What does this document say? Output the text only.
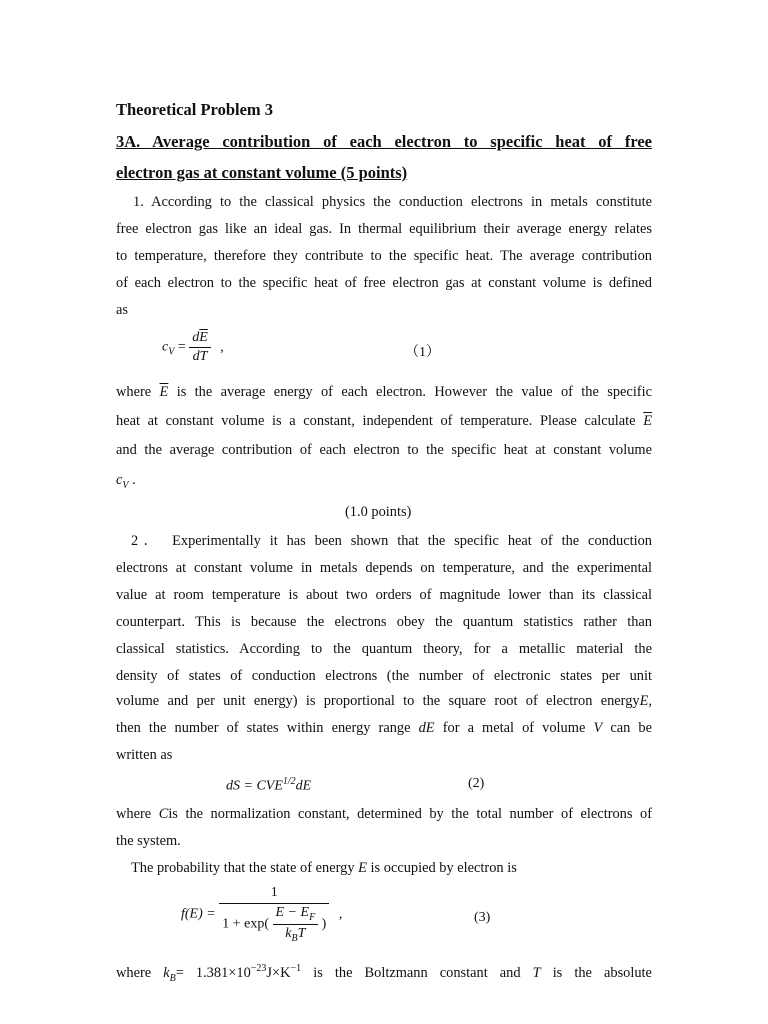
Theoretical Problem 3
3A. Average contribution of each electron to specific heat of free
electron gas at constant volume (5 points)
1. According to the classical physics the conduction electrons in metals constitute
free electron gas like an ideal gas. In thermal equilibrium their average energy relates
to temperature, therefore they contribute to the specific heat. The average contribution
of each electron to the specific heat of free electron gas at constant volume is defined
as
$c_V = \frac{d\overline{E}}{dT}$ ,	（1）
where $\overline{E}$ is the average energy of each electron. However the value of the specific
heat at constant volume is a constant, independent of temperature. Please calculate $\overline{E}$
and the average contribution of each electron to the specific heat at constant volume
$c_V$ .
(1.0 points)
2． Experimentally it has been shown that the specific heat of the conduction
electrons at constant volume in metals depends on temperature, and the experimental
value at room temperature is about two orders of magnitude lower than its classical
counterpart. This is because the electrons obey the quantum statistics rather than
classical statistics. According to the quantum theory, for a metallic material the
density of states of conduction electrons (the number of electronic states per unit
volume and per unit energy) is proportional to the square root of electron energyE,
then the number of states within energy range dE for a metal of volume V can be
written as
dS = $CVE^{1/2}dE$	(2)
where Cis the normalization constant, determined by the total number of electrons of
the system.
The probability that the state of energy E is occupied by electron is
f(E) =
1
$1 + \exp( \frac{E - E_F}{k_BT}$ )
,	(3)
where $k_B= 1.381\times 10^{-23}J\times K^{-1}$ is the Boltzmann constant and T is the absolute
